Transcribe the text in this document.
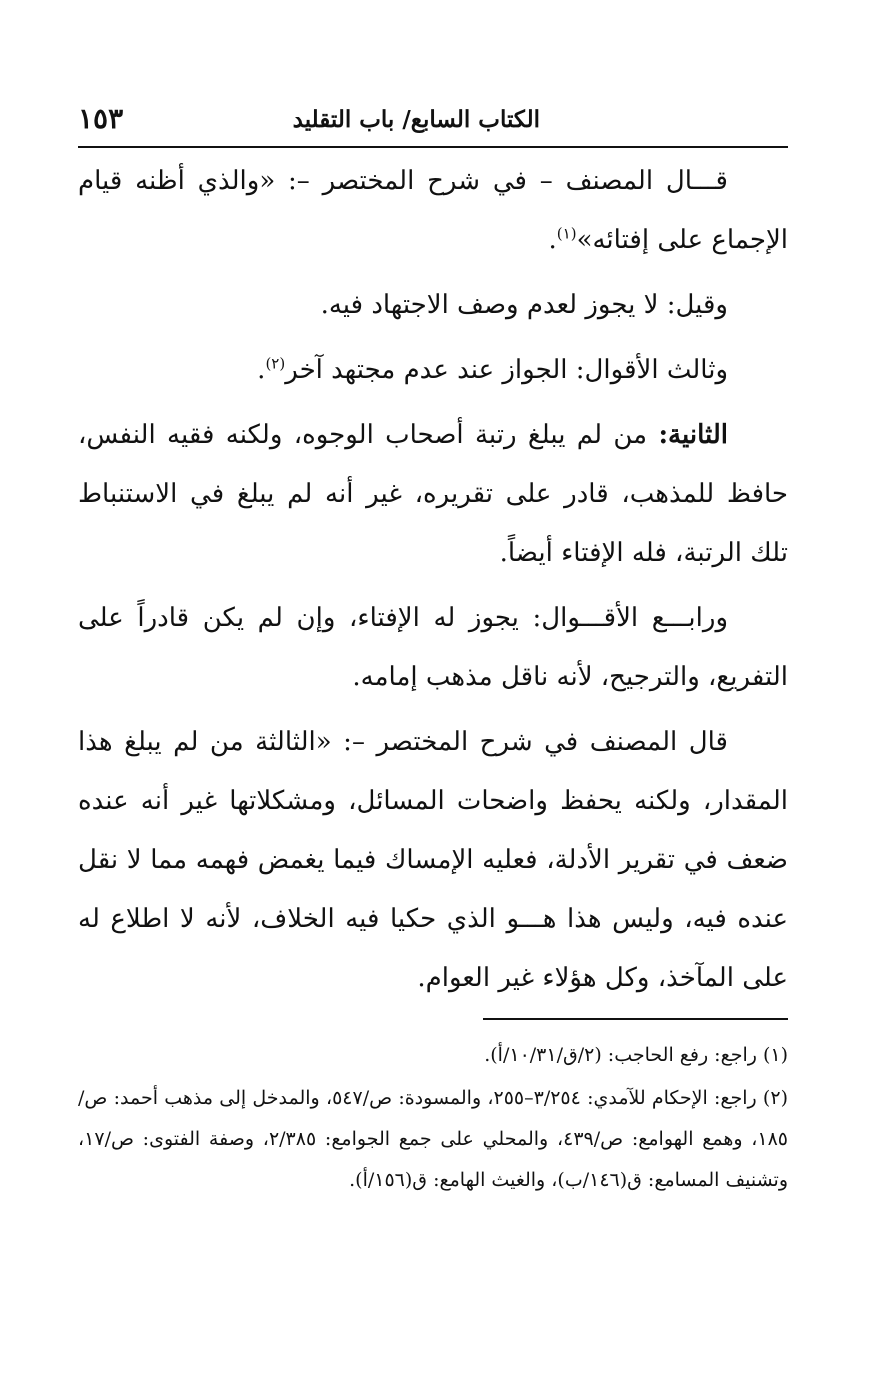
الكتاب السابع/ باب التقليد
١٥٣

قـــال المصنف – في شرح المختصر –: «والذي أظنه قيام الإجماع على إفتائه»$^{(١)}$.

وقيل: لا يجوز لعدم وصف الاجتهاد فيه.

وثالث الأقوال: الجواز عند عدم مجتهد آخر$^{(٢)}$.

الثانية: من لم يبلغ رتبة أصحاب الوجوه، ولكنه فقيه النفس، حافظ للمذهب، قادر على تقريره، غير أنه لم يبلغ في الاستنباط تلك الرتبة، فله الإفتاء أيضاً.

ورابـــع الأقـــوال: يجوز له الإفتاء، وإن لم يكن قادراً على التفريع، والترجيح، لأنه ناقل مذهب إمامه.

قال المصنف في شرح المختصر –: «الثالثة من لم يبلغ هذا المقدار، ولكنه يحفظ واضحات المسائل، ومشكلاتها غير أنه عنده ضعف في تقرير الأدلة، فعليه الإمساك فيما يغمض فهمه مما لا نقل عنده فيه، وليس هذا هـــو الذي حكيا فيه الخلاف، لأنه لا اطلاع له على المآخذ، وكل هؤلاء غير العوام.

(١) راجع: رفع الحاجب: (٢/ق/١٠/٣١/أ).

(٢) راجع: الإحكام للآمدي: ٣/٢٥٤–٢٥٥، والمسودة: ص/٥٤٧، والمدخل إلى مذهب أحمد: ص/١٨٥، وهمع الهوامع: ص/٤٣٩، والمحلي على جمع الجوامع: ٢/٣٨٥، وصفة الفتوى: ص/١٧، وتشنيف المسامع: ق(١٤٦/ب)، والغيث الهامع: ق(١٥٦/أ).
